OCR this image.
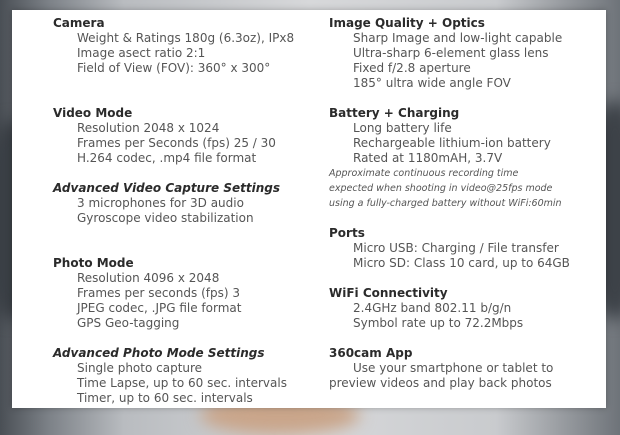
Camera
Weight & Ratings 180g (6.3oz), IPx8
Image asect ratio 2:1
Field of View (FOV): 360° x 300°
Video Mode
Resolution 2048 x 1024
Frames per Seconds (fps) 25 / 30
H.264 codec, .mp4 file format
Advanced Video Capture Settings
3 microphones for 3D audio
Gyroscope video stabilization
Photo Mode
Resolution 4096 x 2048
Frames per seconds (fps) 3
JPEG codec, .JPG file format
GPS Geo-tagging
Advanced Photo Mode Settings
Single photo capture
Time Lapse, up to 60 sec. intervals
Timer, up to 60 sec. intervals
Image Quality + Optics
Sharp Image and low-light capable
Ultra-sharp 6-element glass lens
Fixed f/2.8 aperture
185° ultra wide angle FOV
Battery + Charging
Long battery life
Rechargeable lithium-ion battery
Rated at 1180mAH, 3.7V
Approximate continuous recording time
expected when shooting in video@25fps mode
using a fully-charged battery without WiFi:60min
Ports
Micro USB: Charging / File transfer
Micro SD: Class 10 card, up to 64GB
WiFi Connectivity
2.4GHz band 802.11 b/g/n
Symbol rate up to 72.2Mbps
360cam App
Use your smartphone or tablet to preview videos and play back photos
